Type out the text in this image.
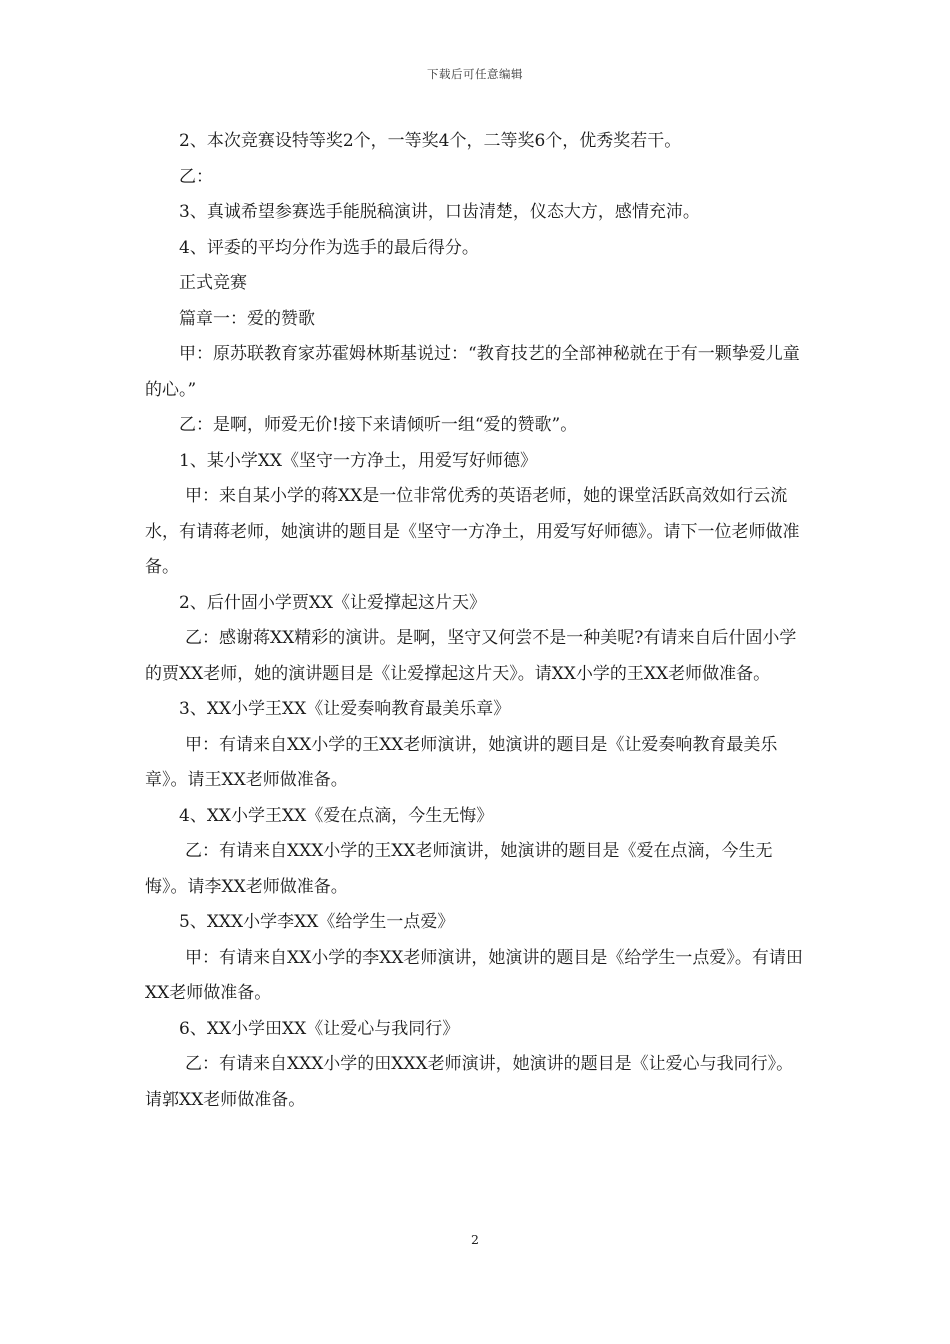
下载后可任意编辑

2、本次竞赛设特等奖2个，一等奖4个，二等奖6个，优秀奖若干。

乙：

3、真诚希望参赛选手能脱稿演讲，口齿清楚，仪态大方，感情充沛。

4、评委的平均分作为选手的最后得分。

正式竞赛

篇章一：爱的赞歌

甲：原苏联教育家苏霍姆林斯基说过：“教育技艺的全部神秘就在于有一颗挚爱儿童的心。”

乙：是啊，师爱无价!接下来请倾听一组“爱的赞歌”。

1、某小学XX《坚守一方净土，用爱写好师德》

甲：来自某小学的蒋XX是一位非常优秀的英语老师，她的课堂活跃高效如行云流水，有请蒋老师，她演讲的题目是《坚守一方净土，用爱写好师德》。请下一位老师做准备。

2、后什固小学贾XX《让爱撑起这片天》

乙：感谢蒋XX精彩的演讲。是啊，坚守又何尝不是一种美呢?有请来自后什固小学的贾XX老师，她的演讲题目是《让爱撑起这片天》。请XX小学的王XX老师做准备。

3、XX小学王XX《让爱奏响教育最美乐章》

甲：有请来自XX小学的王XX老师演讲，她演讲的题目是《让爱奏响教育最美乐章》。请王XX老师做准备。

4、XX小学王XX《爱在点滴，今生无悔》

乙：有请来自XXX小学的王XX老师演讲，她演讲的题目是《爱在点滴，今生无悔》。请李XX老师做准备。

5、XXX小学李XX《给学生一点爱》

甲：有请来自XX小学的李XX老师演讲，她演讲的题目是《给学生一点爱》。有请田XX老师做准备。

6、XX小学田XX《让爱心与我同行》

乙：有请来自XXX小学的田XXX老师演讲，她演讲的题目是《让爱心与我同行》。请郭XX老师做准备。

2
